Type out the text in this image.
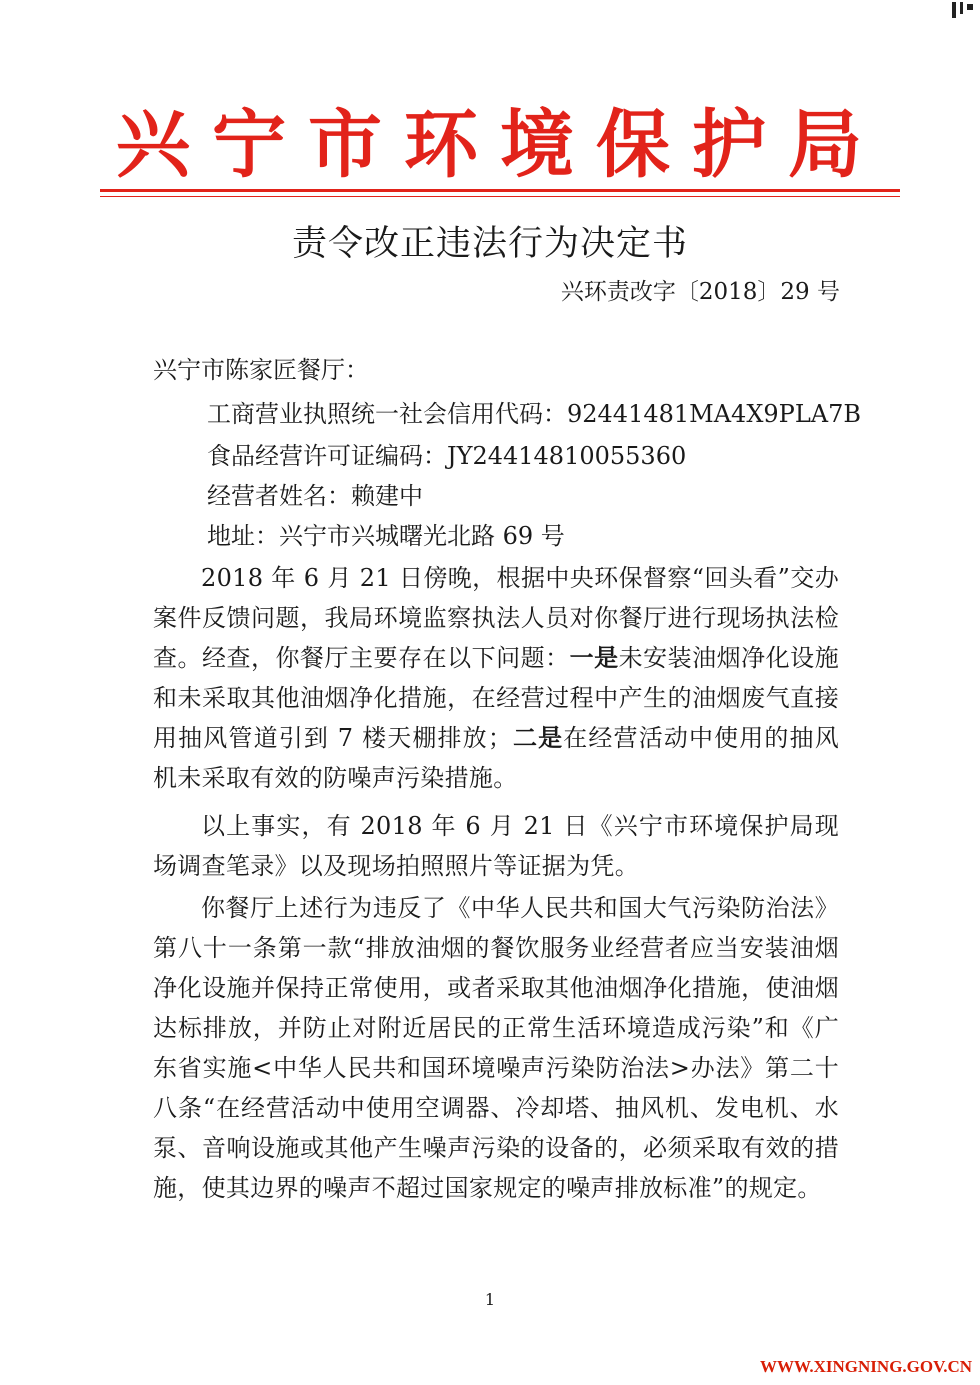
兴宁市环境保护局
责令改正违法行为决定书
兴环责改字〔2018〕29 号
兴宁市陈家匠餐厅：
工商营业执照统一社会信用代码：92441481MA4X9PLA7B
食品经营许可证编码：JY24414810055360
经营者姓名：赖建中
地址：兴宁市兴城曙光北路 69 号
2018 年 6 月 21 日傍晚，根据中央环保督察“回头看”交办案件反馈问题，我局环境监察执法人员对你餐厅进行现场执法检查。经查，你餐厅主要存在以下问题：一是未安装油烟净化设施和未采取其他油烟净化措施，在经营过程中产生的油烟废气直接用抽风管道引到 7 楼天棚排放；二是在经营活动中使用的抽风机未采取有效的防噪声污染措施。
以上事实，有 2018 年 6 月 21 日《兴宁市环境保护局现场调查笔录》以及现场拍照照片等证据为凭。
你餐厅上述行为违反了《中华人民共和国大气污染防治法》第八十一条第一款“排放油烟的餐饮服务业经营者应当安装油烟净化设施并保持正常使用，或者采取其他油烟净化措施，使油烟达标排放，并防止对附近居民的正常生活环境造成污染”和《广东省实施<中华人民共和国环境噪声污染防治法>办法》第二十八条“在经营活动中使用空调器、冷却塔、抽风机、发电机、水泵、音响设施或其他产生噪声污染的设备的，必须采取有效的措施，使其边界的噪声不超过国家规定的噪声排放标准”的规定。
1
WWW.XINGNING.GOV.CN
